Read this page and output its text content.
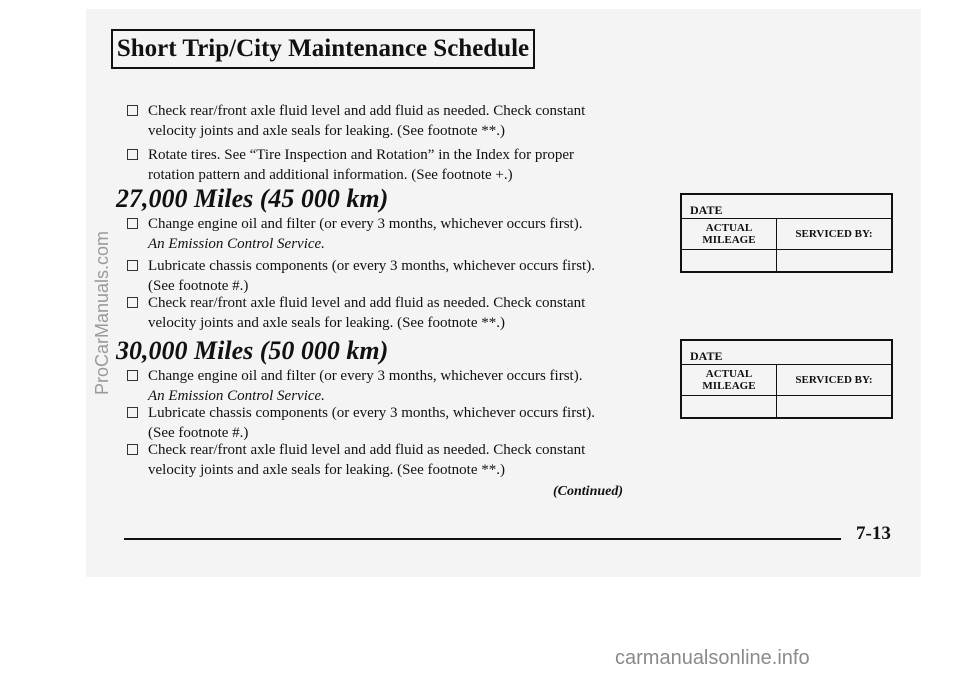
Short Trip/City Maintenance Schedule
Check rear/front axle fluid level and add fluid as needed. Check constant
velocity joints and axle seals for leaking. (See footnote **.)
Rotate tires. See “Tire Inspection and Rotation” in the Index for proper
rotation pattern and additional information. (See footnote +.)
27,000 Miles (45 000 km)
Change engine oil and filter (or every 3 months, whichever occurs first).
An Emission Control Service.
Lubricate chassis components (or every 3 months, whichever occurs first).
(See footnote #.)
Check rear/front axle fluid level and add fluid as needed. Check constant
velocity joints and axle seals for leaking. (See footnote **.)
DATE
ACTUAL
MILEAGE	SERVICED BY:
30,000 Miles (50 000 km)
Change engine oil and filter (or every 3 months, whichever occurs first).
An Emission Control Service.
Lubricate chassis components (or every 3 months, whichever occurs first).
(See footnote #.)
Check rear/front axle fluid level and add fluid as needed. Check constant
velocity joints and axle seals for leaking. (See footnote **.)
DATE
ACTUAL
MILEAGE	SERVICED BY:
(Continued)
7-13
ProCarManuals.com
carmanualsonline.info
